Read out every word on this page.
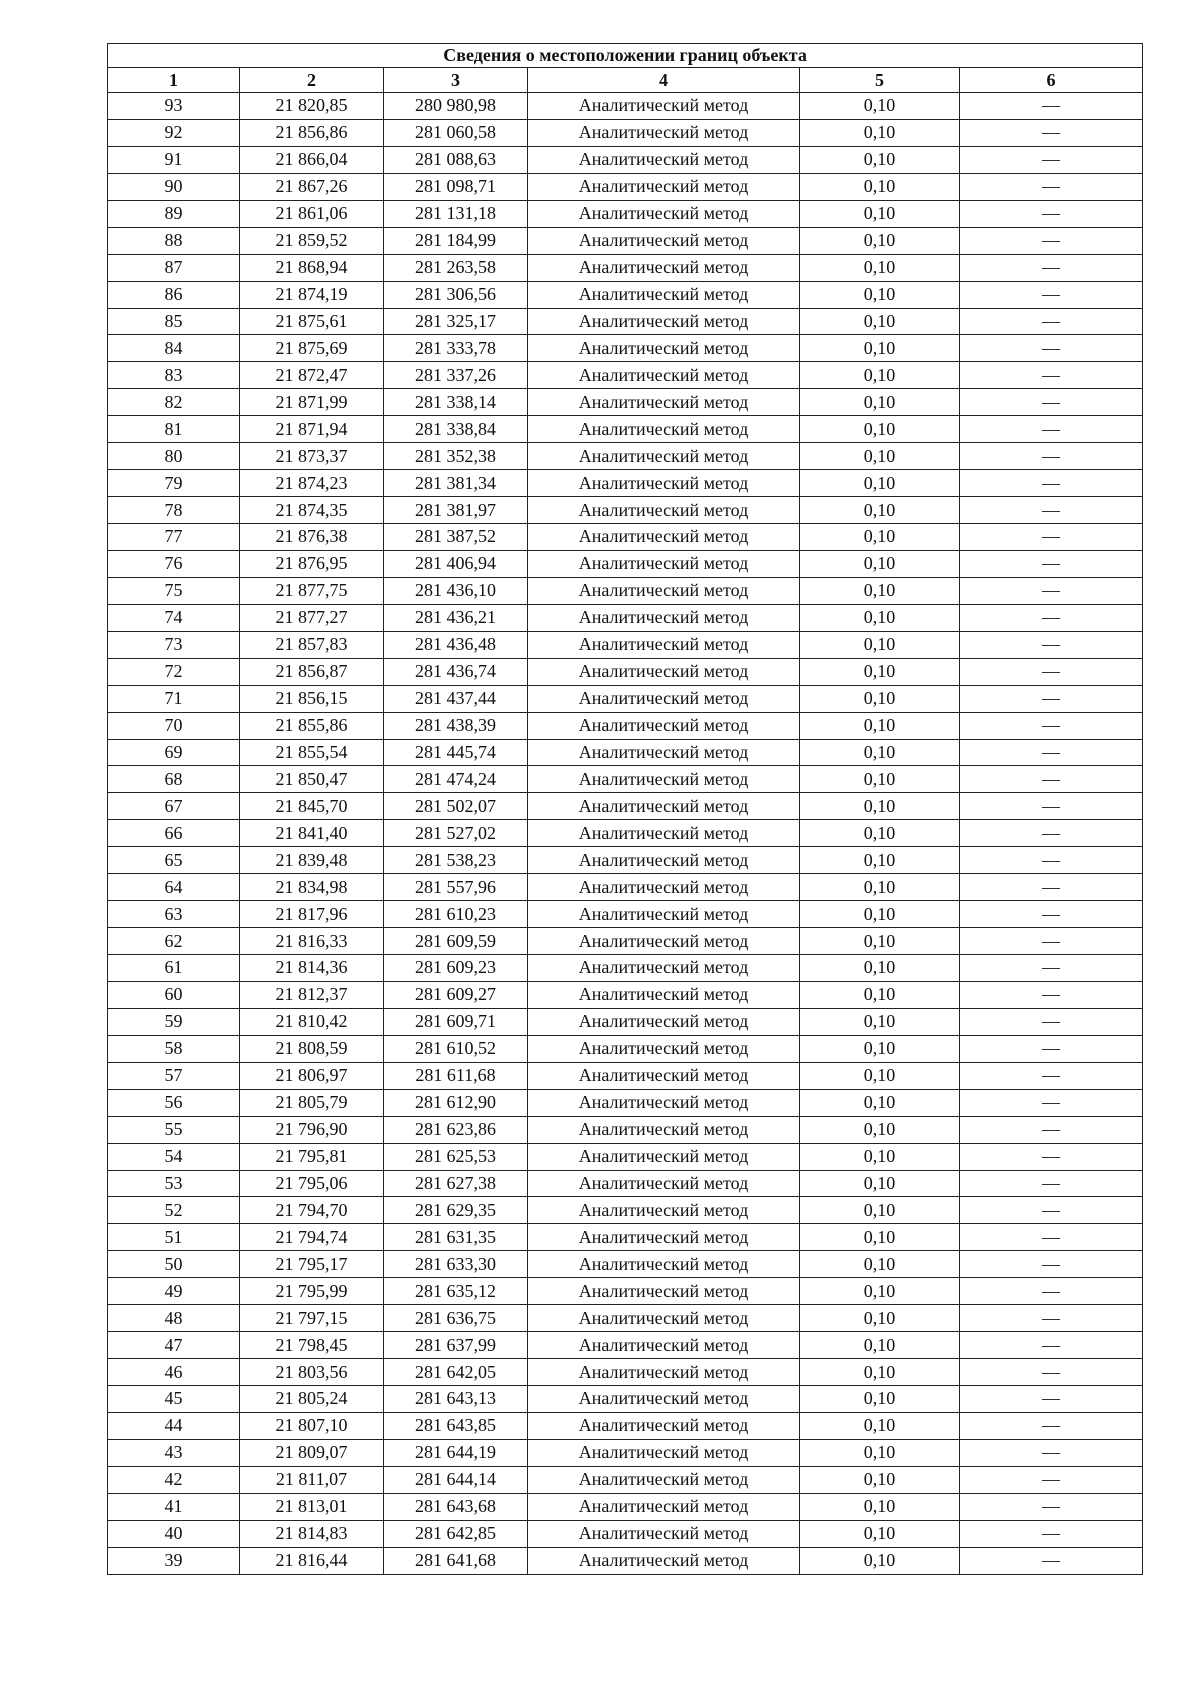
Сведения о местоположении границ объекта					
1	2	3	4	5	6
93	21 820,85	280 980,98	Аналитический метод	0,10	—
92	21 856,86	281 060,58	Аналитический метод	0,10	—
91	21 866,04	281 088,63	Аналитический метод	0,10	—
90	21 867,26	281 098,71	Аналитический метод	0,10	—
89	21 861,06	281 131,18	Аналитический метод	0,10	—
88	21 859,52	281 184,99	Аналитический метод	0,10	—
87	21 868,94	281 263,58	Аналитический метод	0,10	—
86	21 874,19	281 306,56	Аналитический метод	0,10	—
85	21 875,61	281 325,17	Аналитический метод	0,10	—
84	21 875,69	281 333,78	Аналитический метод	0,10	—
83	21 872,47	281 337,26	Аналитический метод	0,10	—
82	21 871,99	281 338,14	Аналитический метод	0,10	—
81	21 871,94	281 338,84	Аналитический метод	0,10	—
80	21 873,37	281 352,38	Аналитический метод	0,10	—
79	21 874,23	281 381,34	Аналитический метод	0,10	—
78	21 874,35	281 381,97	Аналитический метод	0,10	—
77	21 876,38	281 387,52	Аналитический метод	0,10	—
76	21 876,95	281 406,94	Аналитический метод	0,10	—
75	21 877,75	281 436,10	Аналитический метод	0,10	—
74	21 877,27	281 436,21	Аналитический метод	0,10	—
73	21 857,83	281 436,48	Аналитический метод	0,10	—
72	21 856,87	281 436,74	Аналитический метод	0,10	—
71	21 856,15	281 437,44	Аналитический метод	0,10	—
70	21 855,86	281 438,39	Аналитический метод	0,10	—
69	21 855,54	281 445,74	Аналитический метод	0,10	—
68	21 850,47	281 474,24	Аналитический метод	0,10	—
67	21 845,70	281 502,07	Аналитический метод	0,10	—
66	21 841,40	281 527,02	Аналитический метод	0,10	—
65	21 839,48	281 538,23	Аналитический метод	0,10	—
64	21 834,98	281 557,96	Аналитический метод	0,10	—
63	21 817,96	281 610,23	Аналитический метод	0,10	—
62	21 816,33	281 609,59	Аналитический метод	0,10	—
61	21 814,36	281 609,23	Аналитический метод	0,10	—
60	21 812,37	281 609,27	Аналитический метод	0,10	—
59	21 810,42	281 609,71	Аналитический метод	0,10	—
58	21 808,59	281 610,52	Аналитический метод	0,10	—
57	21 806,97	281 611,68	Аналитический метод	0,10	—
56	21 805,79	281 612,90	Аналитический метод	0,10	—
55	21 796,90	281 623,86	Аналитический метод	0,10	—
54	21 795,81	281 625,53	Аналитический метод	0,10	—
53	21 795,06	281 627,38	Аналитический метод	0,10	—
52	21 794,70	281 629,35	Аналитический метод	0,10	—
51	21 794,74	281 631,35	Аналитический метод	0,10	—
50	21 795,17	281 633,30	Аналитический метод	0,10	—
49	21 795,99	281 635,12	Аналитический метод	0,10	—
48	21 797,15	281 636,75	Аналитический метод	0,10	—
47	21 798,45	281 637,99	Аналитический метод	0,10	—
46	21 803,56	281 642,05	Аналитический метод	0,10	—
45	21 805,24	281 643,13	Аналитический метод	0,10	—
44	21 807,10	281 643,85	Аналитический метод	0,10	—
43	21 809,07	281 644,19	Аналитический метод	0,10	—
42	21 811,07	281 644,14	Аналитический метод	0,10	—
41	21 813,01	281 643,68	Аналитический метод	0,10	—
40	21 814,83	281 642,85	Аналитический метод	0,10	—
39	21 816,44	281 641,68	Аналитический метод	0,10	—
